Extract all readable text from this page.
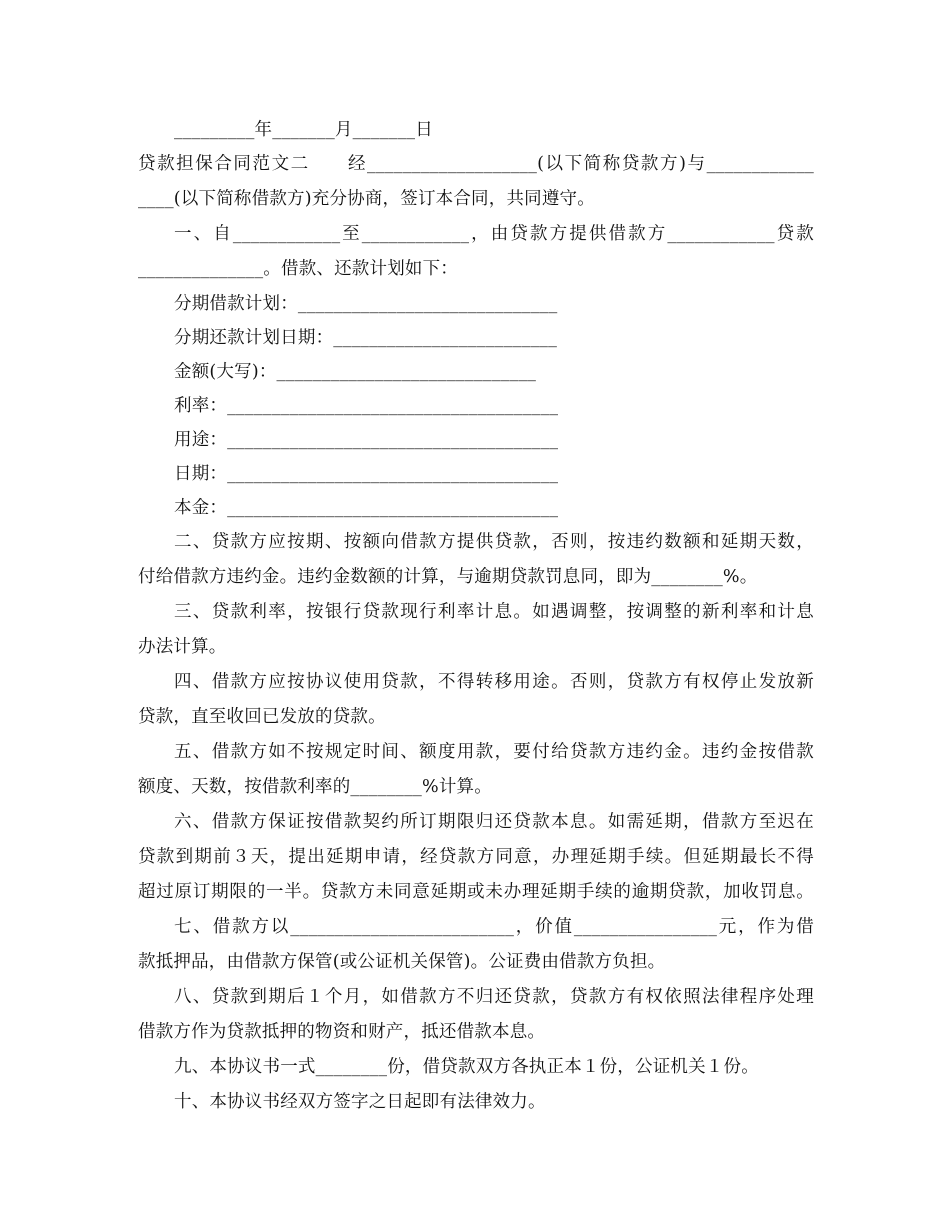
_________年_______月_______日
贷款担保合同范文二　　经___________________(以下简称贷款方)与____________
____(以下简称借款方)充分协商，签订本合同，共同遵守。
一、自____________至____________，由贷款方提供借款方____________贷款
______________。借款、还款计划如下：
分期借款计划：_____________________________
分期还款计划日期：_________________________
金额(大写)：_____________________________
利率：_____________________________________
用途：_____________________________________
日期：_____________________________________
本金：_____________________________________
二、贷款方应按期、按额向借款方提供贷款，否则，按违约数额和延期天数，
付给借款方违约金。违约金数额的计算，与逾期贷款罚息同，即为________%。
三、贷款利率，按银行贷款现行利率计息。如遇调整，按调整的新利率和计息
办法计算。
四、借款方应按协议使用贷款，不得转移用途。否则，贷款方有权停止发放新
贷款，直至收回已发放的贷款。
五、借款方如不按规定时间、额度用款，要付给贷款方违约金。违约金按借款
额度、天数，按借款利率的________%计算。
六、借款方保证按借款契约所订期限归还贷款本息。如需延期，借款方至迟在
贷款到期前３天，提出延期申请，经贷款方同意，办理延期手续。但延期最长不得
超过原订期限的一半。贷款方未同意延期或未办理延期手续的逾期贷款，加收罚息。
七、借款方以_________________________，价值________________元，作为借
款抵押品，由借款方保管(或公证机关保管)。公证费由借款方负担。
八、贷款到期后１个月，如借款方不归还贷款，贷款方有权依照法律程序处理
借款方作为贷款抵押的物资和财产，抵还借款本息。
九、本协议书一式________份，借贷款双方各执正本１份，公证机关１份。
十、本协议书经双方签字之日起即有法律效力。
